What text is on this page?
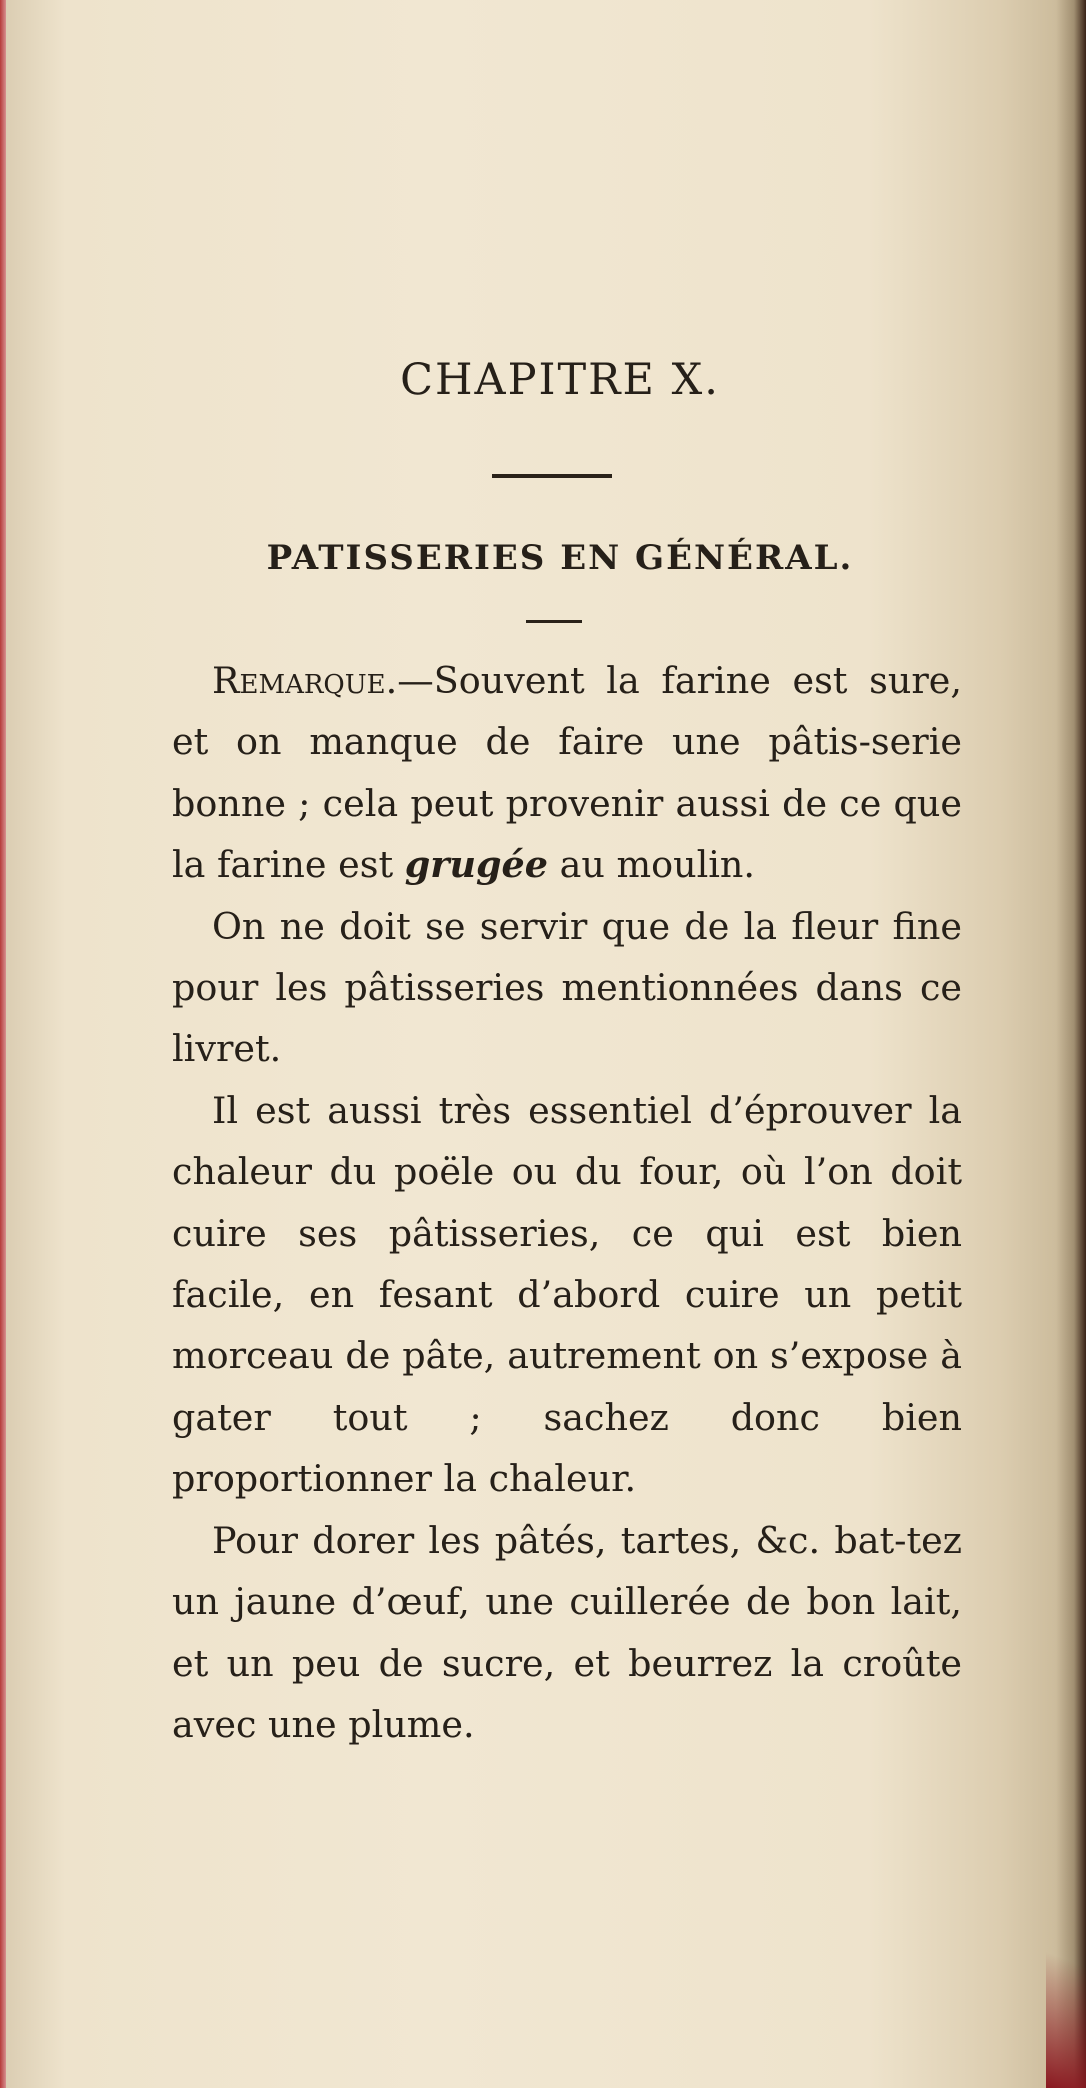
CHAPITRE X.
PATISSERIES EN GÉNÉRAL.

Remarque.—Souvent la farine est sure, et on manque de faire une pâtis-serie bonne ; cela peut provenir aussi de ce que la farine est grugée au moulin.

On ne doit se servir que de la fleur fine pour les pâtisseries mentionnées dans ce livret.

Il est aussi très essentiel d’éprouver la chaleur du poële ou du four, où l’on doit cuire ses pâtisseries, ce qui est bien facile, en fesant d’abord cuire un petit morceau de pâte, autrement on s’expose à gater tout ; sachez donc bien proportionner la chaleur.

Pour dorer les pâtés, tartes, &c. bat-tez un jaune d’œuf, une cuillerée de bon lait, et un peu de sucre, et beurrez la croûte avec une plume.
